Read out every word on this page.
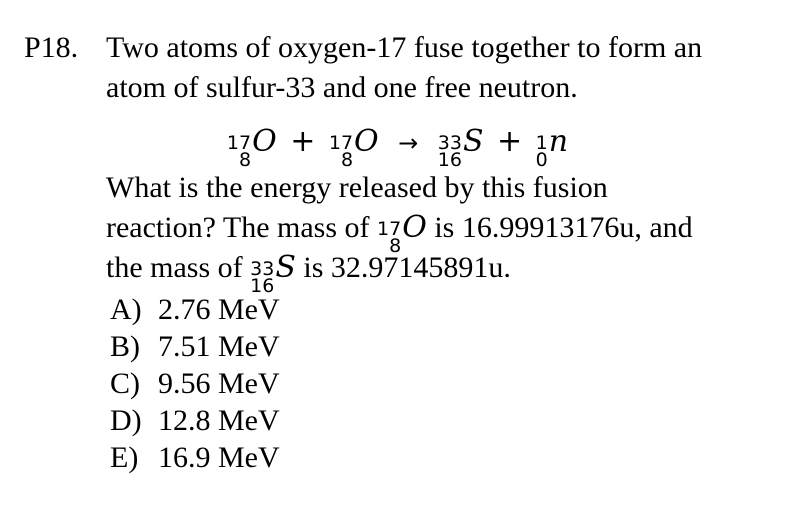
P18. Two atoms of oxygen-17 fuse together to form an
atom of sulfur-33 and one free neutron.
17
8
O + 17
8
O → 33
16
S + 1
0
n
What is the energy released by this fusion
reaction? The mass of 17
8
O is 16.99913176u, and
the mass of 33
16
S is 32.97145891u.
A) 2.76 MeV
B) 7.51 MeV
C) 9.56 MeV
D) 12.8 MeV
E) 16.9 MeV
